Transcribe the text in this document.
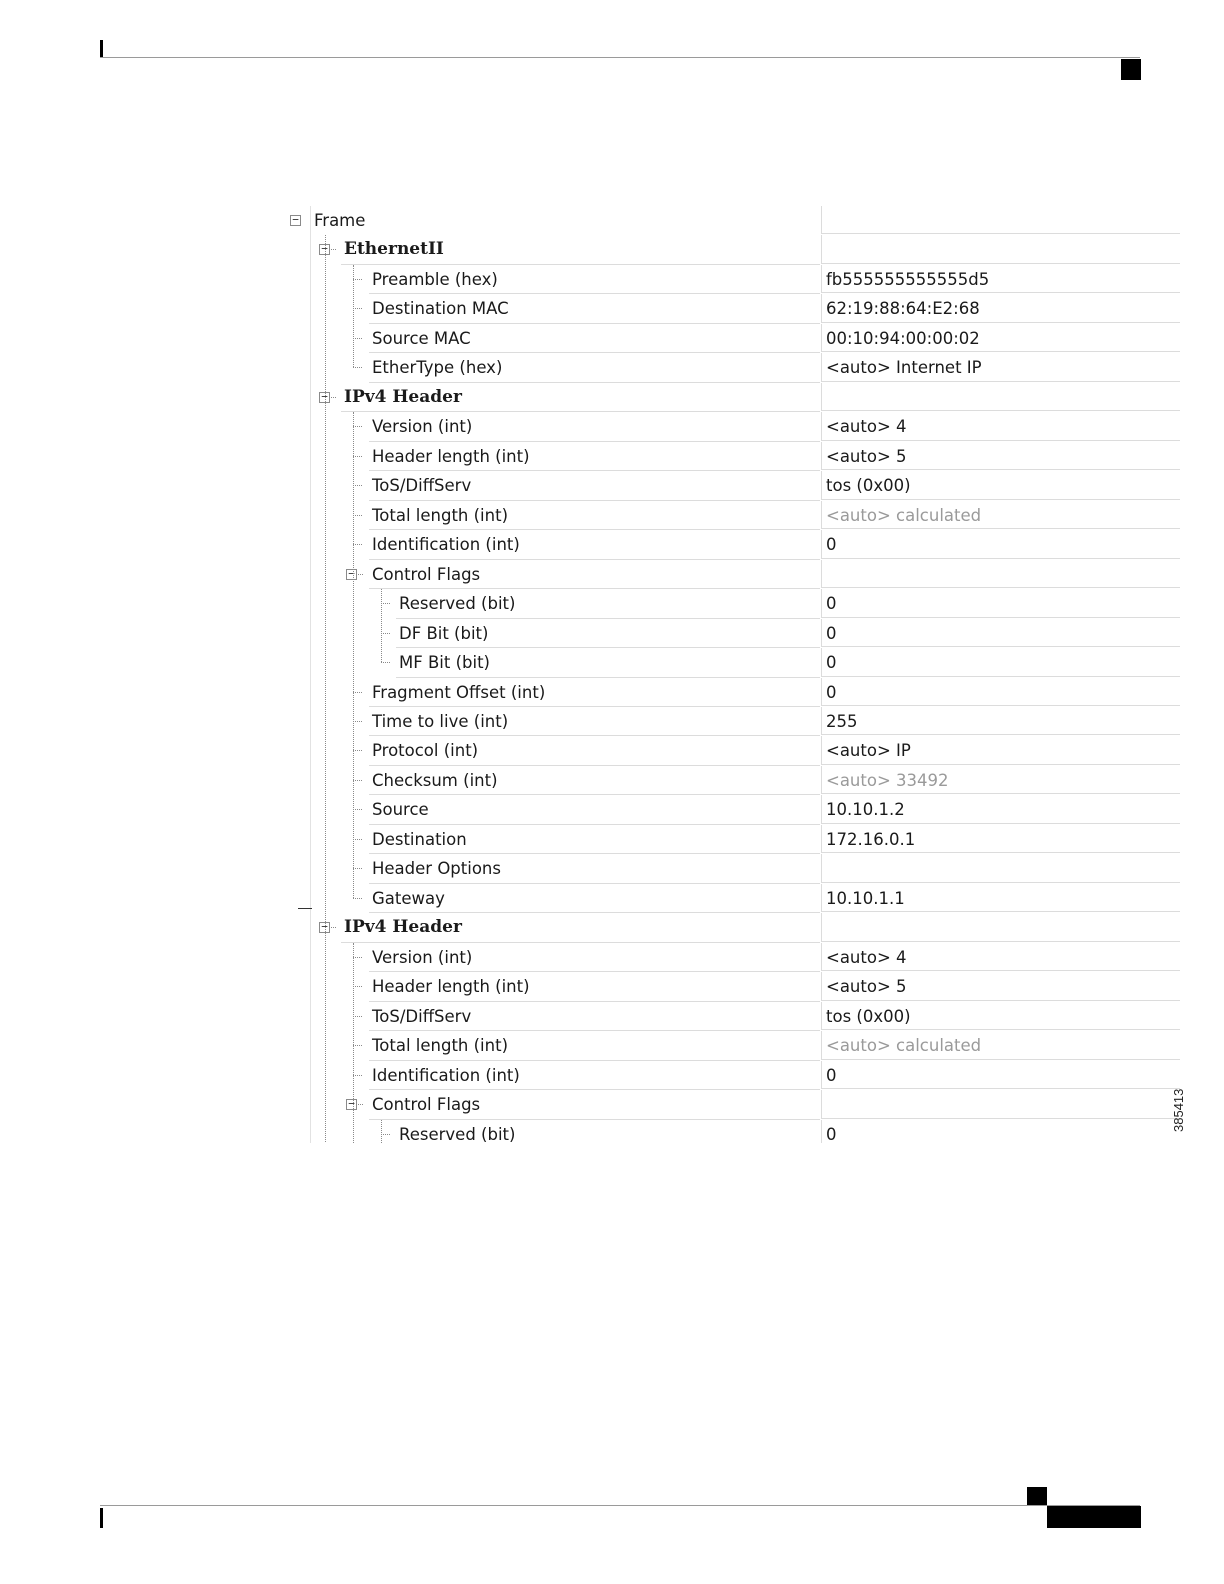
Frame
−
EthernetII
−
Preamble (hex)	fb555555555555d5
Destination MAC	62:19:88:64:E2:68
Source MAC	00:10:94:00:00:02
EtherType (hex)	<auto> Internet IP
IPv4 Header
−
Version (int)	<auto> 4
Header length (int)	<auto> 5
ToS/DiffServ	tos (0x00)
Total length (int)	<auto> calculated
Identification (int)	0
Control Flags
−
Reserved (bit)	0
DF Bit (bit)	0
MF Bit (bit)	0
Fragment Offset (int)	0
Time to live (int)	255
Protocol (int)	<auto> IP
Checksum (int)	<auto> 33492
Source	10.10.1.2
Destination	172.16.0.1
Header Options
Gateway	10.10.1.1
IPv4 Header
−
Version (int)	<auto> 4
Header length (int)	<auto> 5
ToS/DiffServ	tos (0x00)
Total length (int)	<auto> calculated
Identification (int)	0
Control Flags
−
Reserved (bit)	0
385413
